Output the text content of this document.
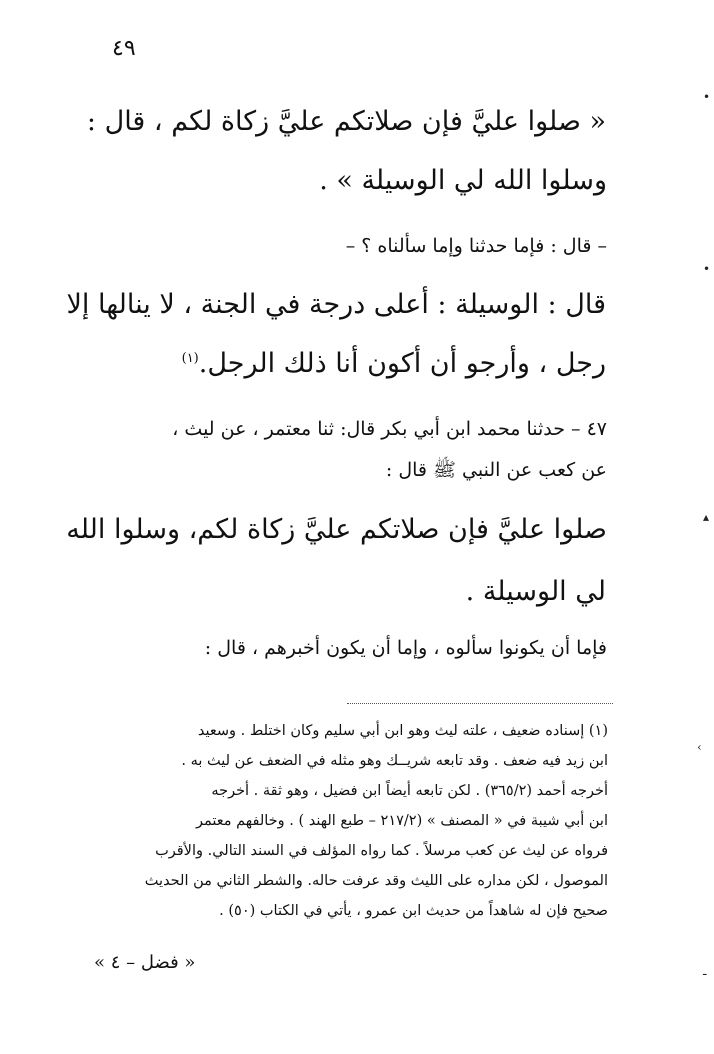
٤٩
« صلوا عليَّ فإن صلاتكم عليَّ زكاة لكم ، قال :
وسلوا الله لي الوسيلة » .
– قال : فإما حدثنا وإما سألناه ؟ –
قال : الوسيلة : أعلى درجة في الجنة ، لا ينالها إلا
رجل ، وأرجو أن أكون أنا ذلك الرجل.$^{(١)}$
٤٧ – حدثنا محمد ابن أبي بكر قال: ثنا معتمر ، عن ليث ،
عن كعب عن النبي ﷺ قال :
صلوا عليَّ فإن صلاتكم عليَّ زكاة لكم، وسلوا الله
لي الوسيلة .
فإما أن يكونوا سألوه ، وإما أن يكون أخبرهم ، قال :
(١) إسناده ضعيف ، علته ليث وهو ابن أبي سليم وكان اختلط . وسعيد
ابن زيد فيه ضعف . وقد تابعه شريــك وهو مثله في الضعف عن ليث به .
أخرجه أحمد (٣٦٥/٢) . لكن تابعه أيضاً ابن فضيل ، وهو ثقة . أخرجه
ابن أبي شيبة في « المصنف » (٢١٧/٢ – طبع الهند ) . وخالفهم معتمر
فرواه عن ليث عن كعب مرسلاً . كما رواه المؤلف في السند التالي. والأقرب
الموصول ، لكن مداره على الليث وقد عرفت حاله. والشطر الثاني من الحديث
صحيح فإن له شاهداً من حديث ابن عمرو ، يأتي في الكتاب (٥٠) .
« فضل – ٤ »
•
•
▴
‹
ـ
